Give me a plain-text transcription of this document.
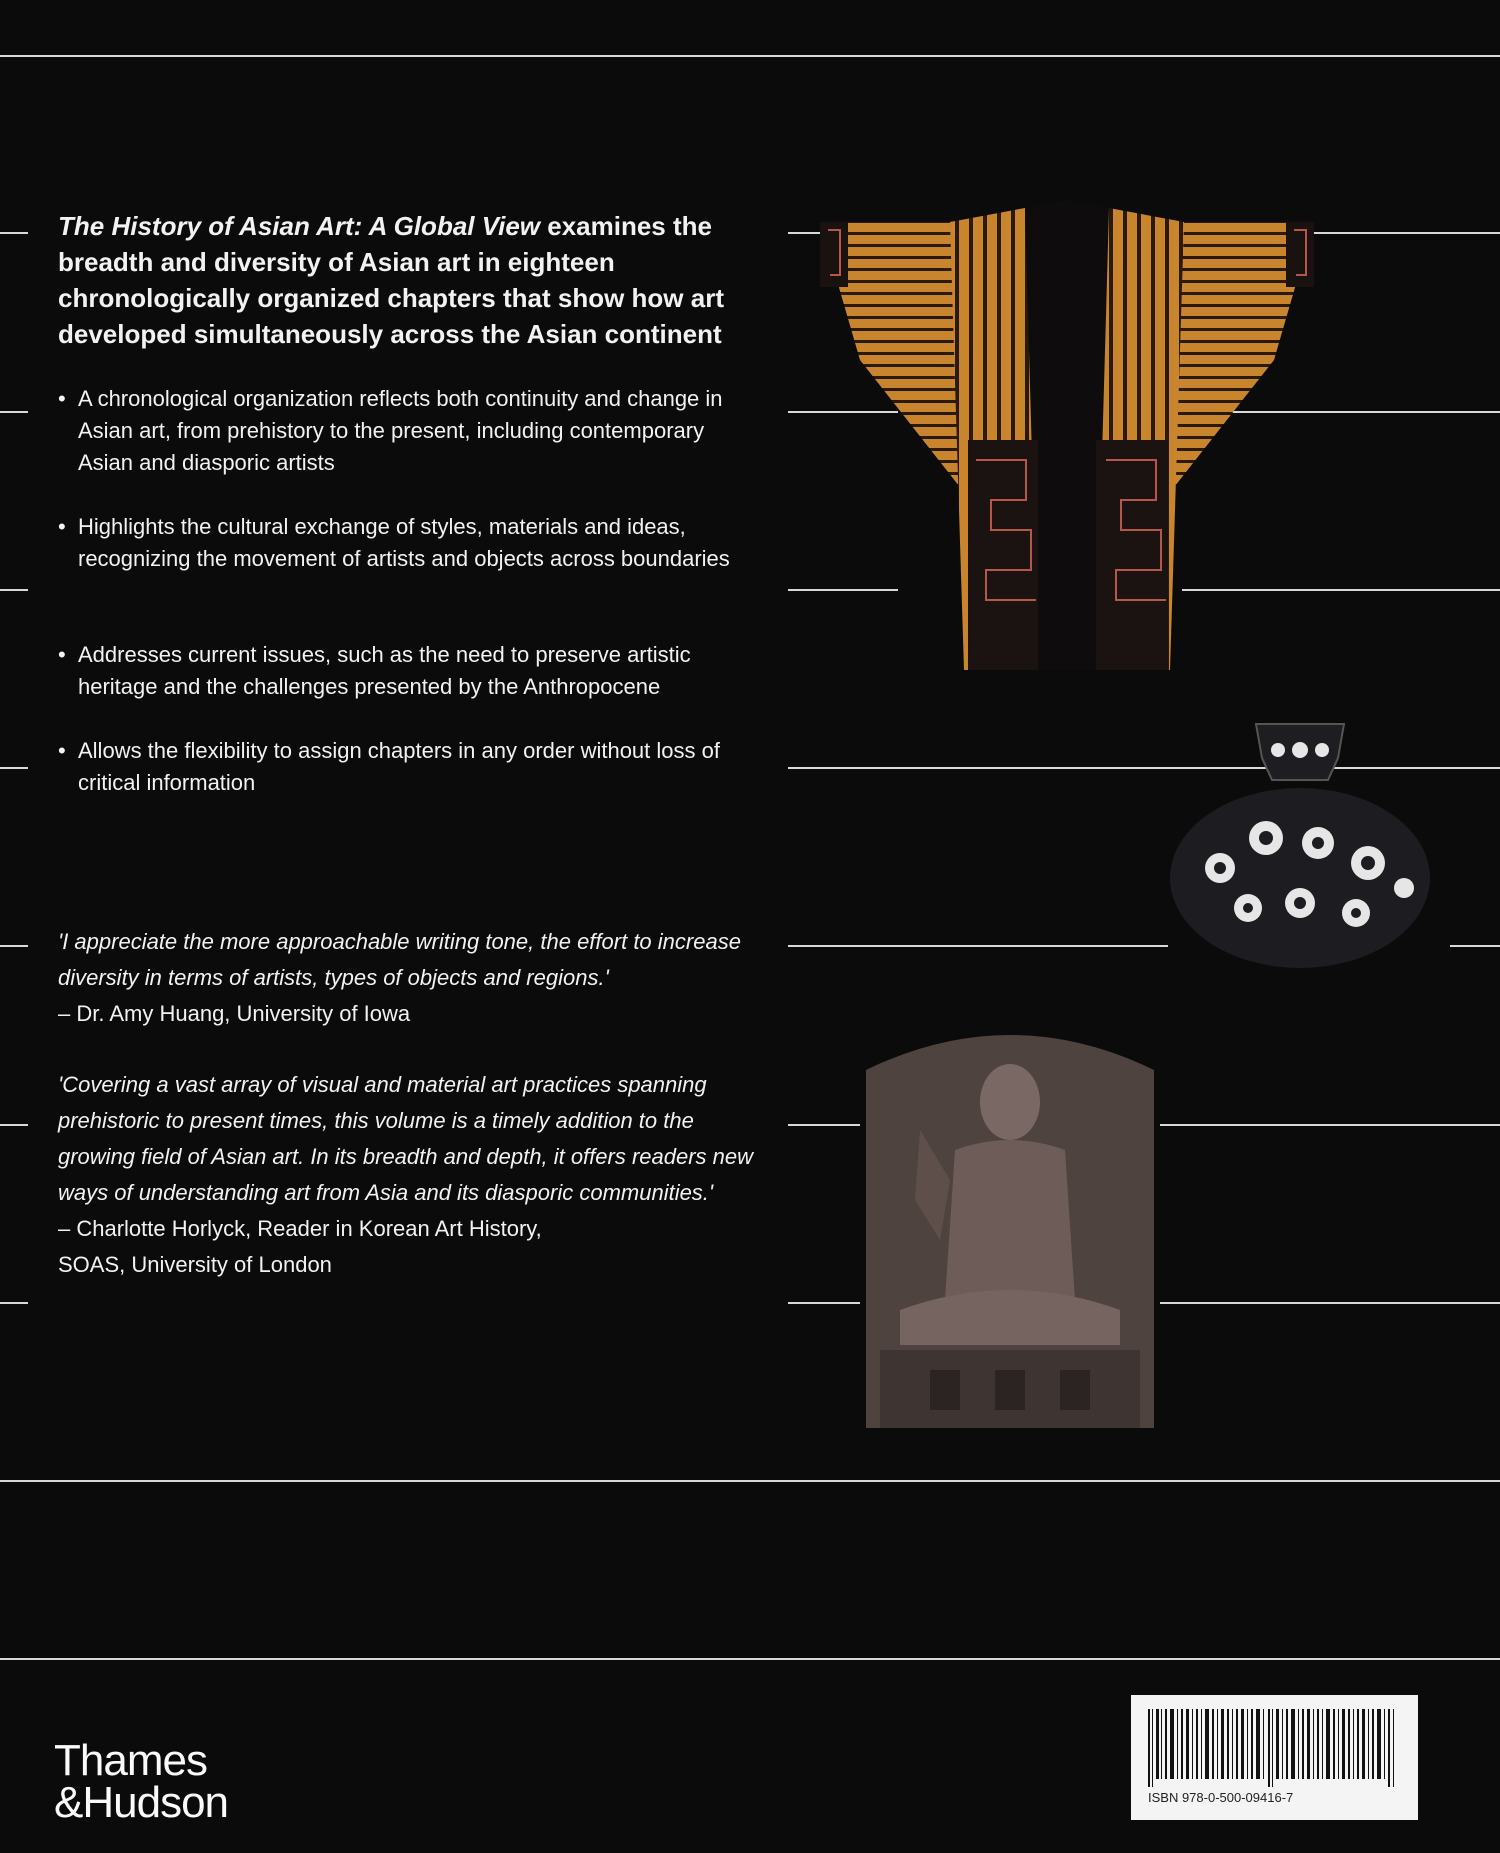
The History of Asian Art: A Global View examines the breadth and diversity of Asian art in eighteen chronologically organized chapters that show how art developed simultaneously across the Asian continent
• A chronological organization reflects both continuity and change in Asian art, from prehistory to the present, including contemporary Asian and diasporic artists
• Highlights the cultural exchange of styles, materials and ideas, recognizing the movement of artists and objects across boundaries
• Addresses current issues, such as the need to preserve artistic heritage and the challenges presented by the Anthropocene
• Allows the flexibility to assign chapters in any order without loss of critical information
'I appreciate the more approachable writing tone, the effort to increase diversity in terms of artists, types of objects and regions.'
– Dr. Amy Huang, University of Iowa
'Covering a vast array of visual and material art practices spanning prehistoric to present times, this volume is a timely addition to the growing field of Asian art. In its breadth and depth, it offers readers new ways of understanding art from Asia and its diasporic communities.'
– Charlotte Horlyck, Reader in Korean Art History,
SOAS, University of London
Thames
&Hudson	ISBN 978-0-500-09416-7
